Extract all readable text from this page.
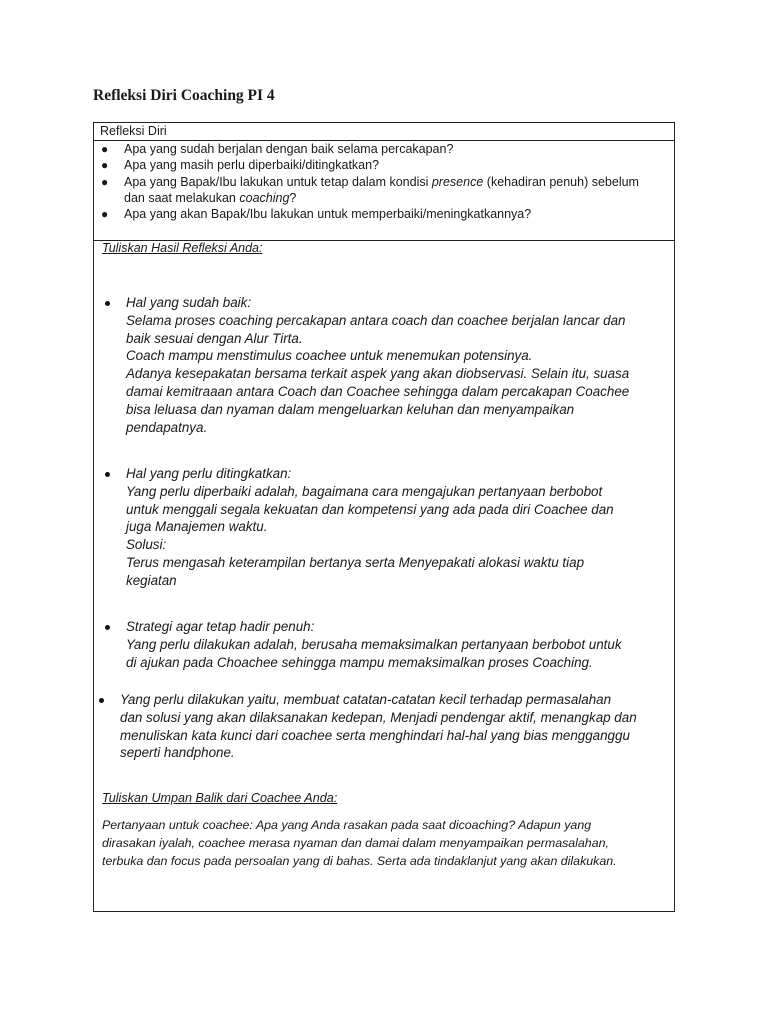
Refleksi Diri Coaching PI 4
Refleksi Diri
● Apa yang sudah berjalan dengan baik selama percakapan?
● Apa yang masih perlu diperbaiki/ditingkatkan?
● Apa yang Bapak/Ibu lakukan untuk tetap dalam kondisi presence (kehadiran penuh) sebelum
dan saat melakukan coaching?
● Apa yang akan Bapak/Ibu lakukan untuk memperbaiki/meningkatkannya?
Tuliskan Hasil Refleksi Anda:
Hal yang sudah baik:
Selama proses coaching percakapan antara coach dan coachee berjalan lancar dan
baik sesuai dengan Alur Tirta.
Coach mampu menstimulus coachee untuk menemukan potensinya.
Adanya kesepakatan bersama terkait aspek yang akan diobservasi. Selain itu, suasa
damai kemitraaan antara Coach dan Coachee sehingga dalam percakapan Coachee
bisa leluasa dan nyaman dalam mengeluarkan keluhan dan menyampaikan
pendapatnya.
Hal yang perlu ditingkatkan:
Yang perlu diperbaiki adalah, bagaimana cara mengajukan pertanyaan berbobot
untuk menggali segala kekuatan dan kompetensi yang ada pada diri Coachee dan
juga Manajemen waktu.
Solusi:
Terus mengasah keterampilan bertanya serta Menyepakati alokasi waktu tiap
kegiatan
Strategi agar tetap hadir penuh:
Yang perlu dilakukan adalah, berusaha memaksimalkan pertanyaan berbobot untuk
di ajukan pada Choachee sehingga mampu memaksimalkan proses Coaching.
Yang perlu dilakukan yaitu, membuat catatan-catatan kecil terhadap permasalahan
dan solusi yang akan dilaksanakan kedepan, Menjadi pendengar aktif, menangkap dan
menuliskan kata kunci dari coachee serta menghindari hal-hal yang bias mengganggu
seperti handphone.
Tuliskan Umpan Balik dari Coachee Anda:
Pertanyaan untuk coachee: Apa yang Anda rasakan pada saat dicoaching? Adapun yang
dirasakan iyalah, coachee merasa nyaman dan damai dalam menyampaikan permasalahan,
terbuka dan focus pada persoalan yang di bahas. Serta ada tindaklanjut yang akan dilakukan.
